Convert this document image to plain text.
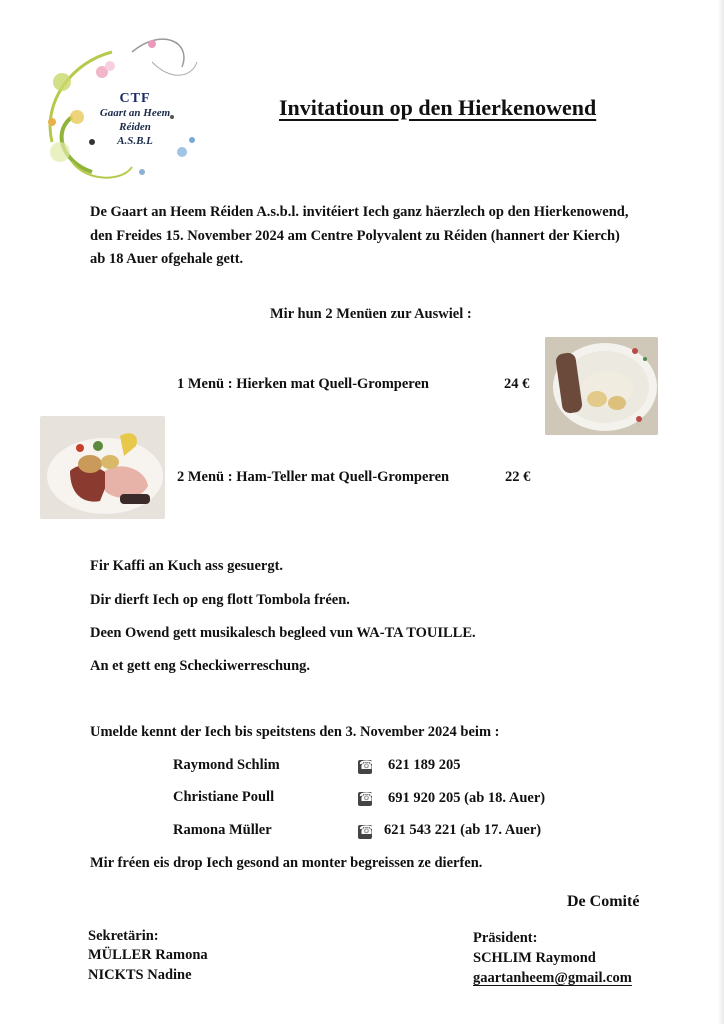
CTF
Gaart an Heem
Réiden
A.S.B.L
Invitatioun op den Hierkenowend
De Gaart an Heem Réiden A.s.b.l. invitéiert Iech ganz häerzlech op den Hierkenowend,
den Freides 15. November 2024 am Centre Polyvalent zu Réiden (hannert der Kierch)
ab 18 Auer ofgehale gett.
Mir hun 2 Menüen zur Auswiel :
1 Menü : Hierken mat Quell-Gromperen	24 €
2 Menü : Ham-Teller mat Quell-Gromperen	22 €
Fir Kaffi an Kuch ass gesuergt.
Dir dierft Iech op eng flott Tombola fréen.
Deen Owend gett musikalesch begleed vun WA-TA TOUILLE.
An et gett eng Scheckiwerreschung.
Umelde kennt der Iech bis speitstens den 3. November 2024 beim :
Raymond Schlim ☎	621 189 205
Christiane Poull ☎	691 920 205 (ab 18. Auer)
Ramona Müller ☎	621 543 221 (ab 17. Auer)
Mir fréen eis drop Iech gesond an monter begreissen ze dierfen.
De Comité
Sekretärin:
MÜLLER Ramona
NICKTS Nadine
Präsident:
SCHLIM Raymond
gaartanheem@gmail.com
